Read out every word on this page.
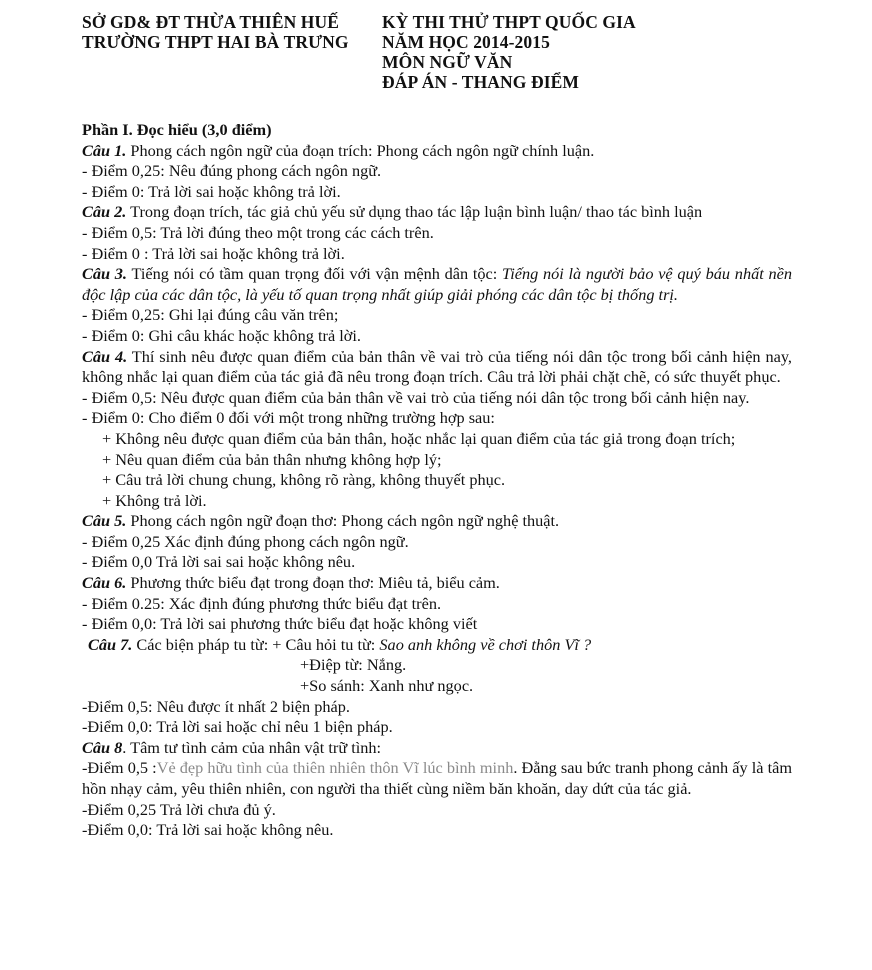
SỞ GD& ĐT THỪA THIÊN HUẾ
TRƯỜNG THPT HAI BÀ TRƯNG
KỲ THI THỬ THPT QUỐC GIA
NĂM HỌC 2014-2015
MÔN NGỮ VĂN
ĐÁP ÁN - THANG ĐIỂM
Phần I. Đọc hiểu (3,0 điểm)
Câu 1. Phong cách ngôn ngữ của đoạn trích: Phong cách ngôn ngữ chính luận.
- Điểm 0,25: Nêu đúng phong cách ngôn ngữ.
- Điểm 0: Trả lời sai hoặc không trả lời.
Câu 2. Trong đoạn trích, tác giả chủ yếu sử dụng thao tác lập luận bình luận/ thao tác bình luận
- Điểm 0,5: Trả lời đúng theo một trong các cách trên.
- Điểm 0 : Trả lời sai hoặc không trả lời.
Câu 3. Tiếng nói có tầm quan trọng đối với vận mệnh dân tộc: Tiếng nói là người bảo vệ quý báu nhất nền độc lập của các dân tộc, là yếu tố quan trọng nhất giúp giải phóng các dân tộc bị thống trị.
- Điểm 0,25: Ghi lại đúng câu văn trên;
- Điểm 0: Ghi câu khác hoặc không trả lời.
Câu 4. Thí sinh nêu được quan điểm của bản thân về vai trò của tiếng nói dân tộc trong bối cảnh hiện nay, không nhắc lại quan điểm của tác giả đã nêu trong đoạn trích. Câu trả lời phải chặt chẽ, có sức thuyết phục.
- Điểm 0,5: Nêu được quan điểm của bản thân về vai trò của tiếng nói dân tộc trong bối cảnh hiện nay.
- Điểm 0: Cho điểm 0 đối với một trong những trường hợp sau:
+ Không nêu được quan điểm của bản thân, hoặc nhắc lại quan điểm của tác giả trong đoạn trích;
+ Nêu quan điểm của bản thân nhưng không hợp lý;
+ Câu trả lời chung chung, không rõ ràng, không thuyết phục.
+ Không trả lời.
Câu 5. Phong cách ngôn ngữ đoạn thơ: Phong cách ngôn ngữ nghệ thuật.
- Điểm 0,25 Xác định đúng phong cách ngôn ngữ.
- Điểm 0,0 Trả lời sai sai hoặc không nêu.
Câu 6. Phương thức biểu đạt trong đoạn thơ: Miêu tả, biểu cảm.
- Điểm 0.25: Xác định đúng phương thức biểu đạt trên.
- Điểm 0,0: Trả lời sai phương thức biểu đạt hoặc không viết
Câu 7. Các biện pháp tu từ: + Câu hỏi tu từ: Sao anh không về chơi thôn Vĩ ?
+Điệp từ: Nắng.
+So sánh: Xanh như ngọc.
-Điểm 0,5: Nêu được ít nhất 2 biện pháp.
-Điểm 0,0: Trả lời sai hoặc chỉ nêu 1 biện pháp.
Câu 8. Tâm tư tình cảm của nhân vật trữ tình:
-Điểm 0,5 :Vẻ đẹp hữu tình của thiên nhiên thôn Vĩ lúc bình minh. Đằng sau bức tranh phong cảnh ấy là tâm hồn nhạy cảm, yêu thiên nhiên, con người tha thiết cùng niềm băn khoăn, day dứt của tác giả.
-Điểm 0,25 Trả lời chưa đủ ý.
-Điểm 0,0: Trả lời sai hoặc không nêu.
